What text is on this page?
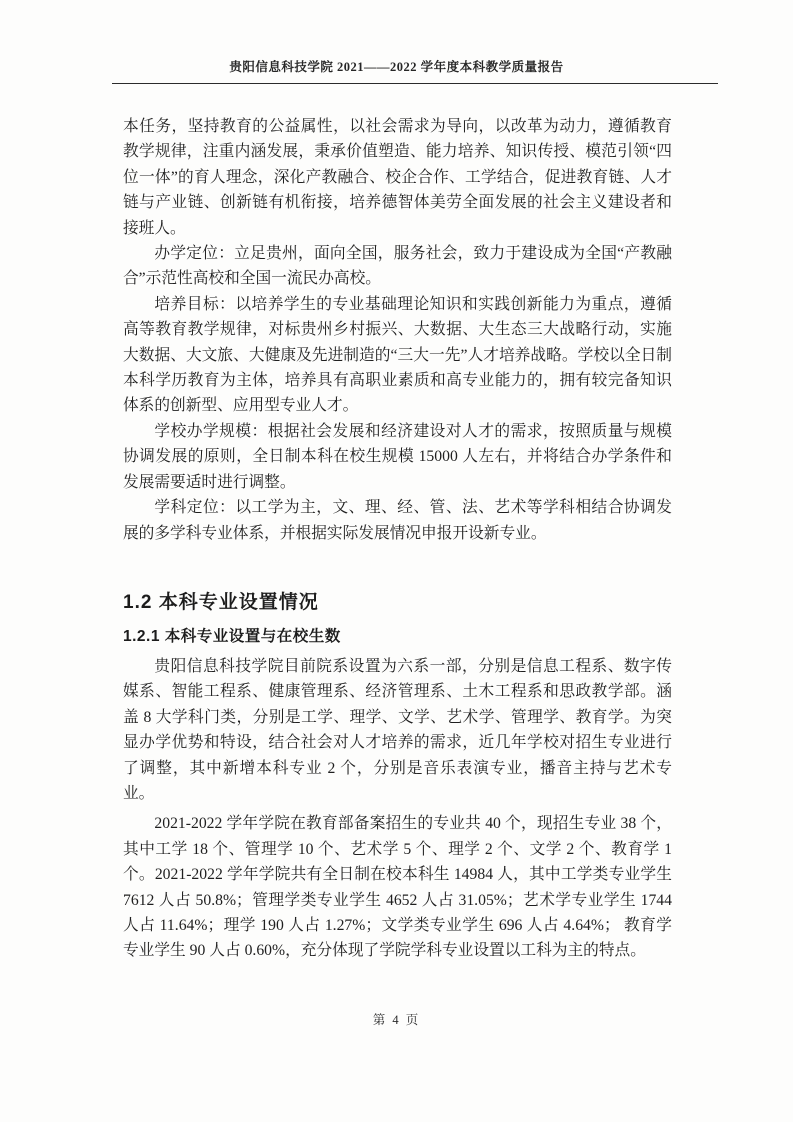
贵阳信息科技学院 2021——2022 学年度本科教学质量报告

本任务，坚持教育的公益属性，以社会需求为导向，以改革为动力，遵循教育教学规律，注重内涵发展，秉承价值塑造、能力培养、知识传授、模范引领“四位一体”的育人理念，深化产教融合、校企合作、工学结合，促进教育链、人才链与产业链、创新链有机衔接，培养德智体美劳全面发展的社会主义建设者和接班人。

办学定位：立足贵州，面向全国，服务社会，致力于建设成为全国“产教融合”示范性高校和全国一流民办高校。

培养目标：以培养学生的专业基础理论知识和实践创新能力为重点，遵循高等教育教学规律，对标贵州乡村振兴、大数据、大生态三大战略行动，实施大数据、大文旅、大健康及先进制造的“三大一先”人才培养战略。学校以全日制本科学历教育为主体，培养具有高职业素质和高专业能力的，拥有较完备知识体系的创新型、应用型专业人才。

学校办学规模：根据社会发展和经济建设对人才的需求，按照质量与规模协调发展的原则，全日制本科在校生规模 15000 人左右，并将结合办学条件和发展需要适时进行调整。

学科定位：以工学为主，文、理、经、管、法、艺术等学科相结合协调发展的多学科专业体系，并根据实际发展情况申报开设新专业。

1.2 本科专业设置情况
1.2.1 本科专业设置与在校生数

贵阳信息科技学院目前院系设置为六系一部，分别是信息工程系、数字传媒系、智能工程系、健康管理系、经济管理系、土木工程系和思政教学部。涵盖 8 大学科门类，分别是工学、理学、文学、艺术学、管理学、教育学。为突显办学优势和特设，结合社会对人才培养的需求，近几年学校对招生专业进行了调整，其中新增本科专业 2 个，分别是音乐表演专业，播音主持与艺术专业。

2021-2022 学年学院在教育部备案招生的专业共 40 个，现招生专业 38 个，其中工学 18 个、管理学 10 个、艺术学 5 个、理学 2 个、文学 2 个、教育学 1 个。2021-2022 学年学院共有全日制在校本科生 14984 人，其中工学类专业学生 7612 人占 50.8%；管理学类专业学生 4652 人占 31.05%；艺术学专业学生 1744 人占 11.64%；理学 190 人占 1.27%；文学类专业学生 696 人占 4.64%； 教育学专业学生 90 人占 0.60%，充分体现了学院学科专业设置以工科为主的特点。

第 4 页
